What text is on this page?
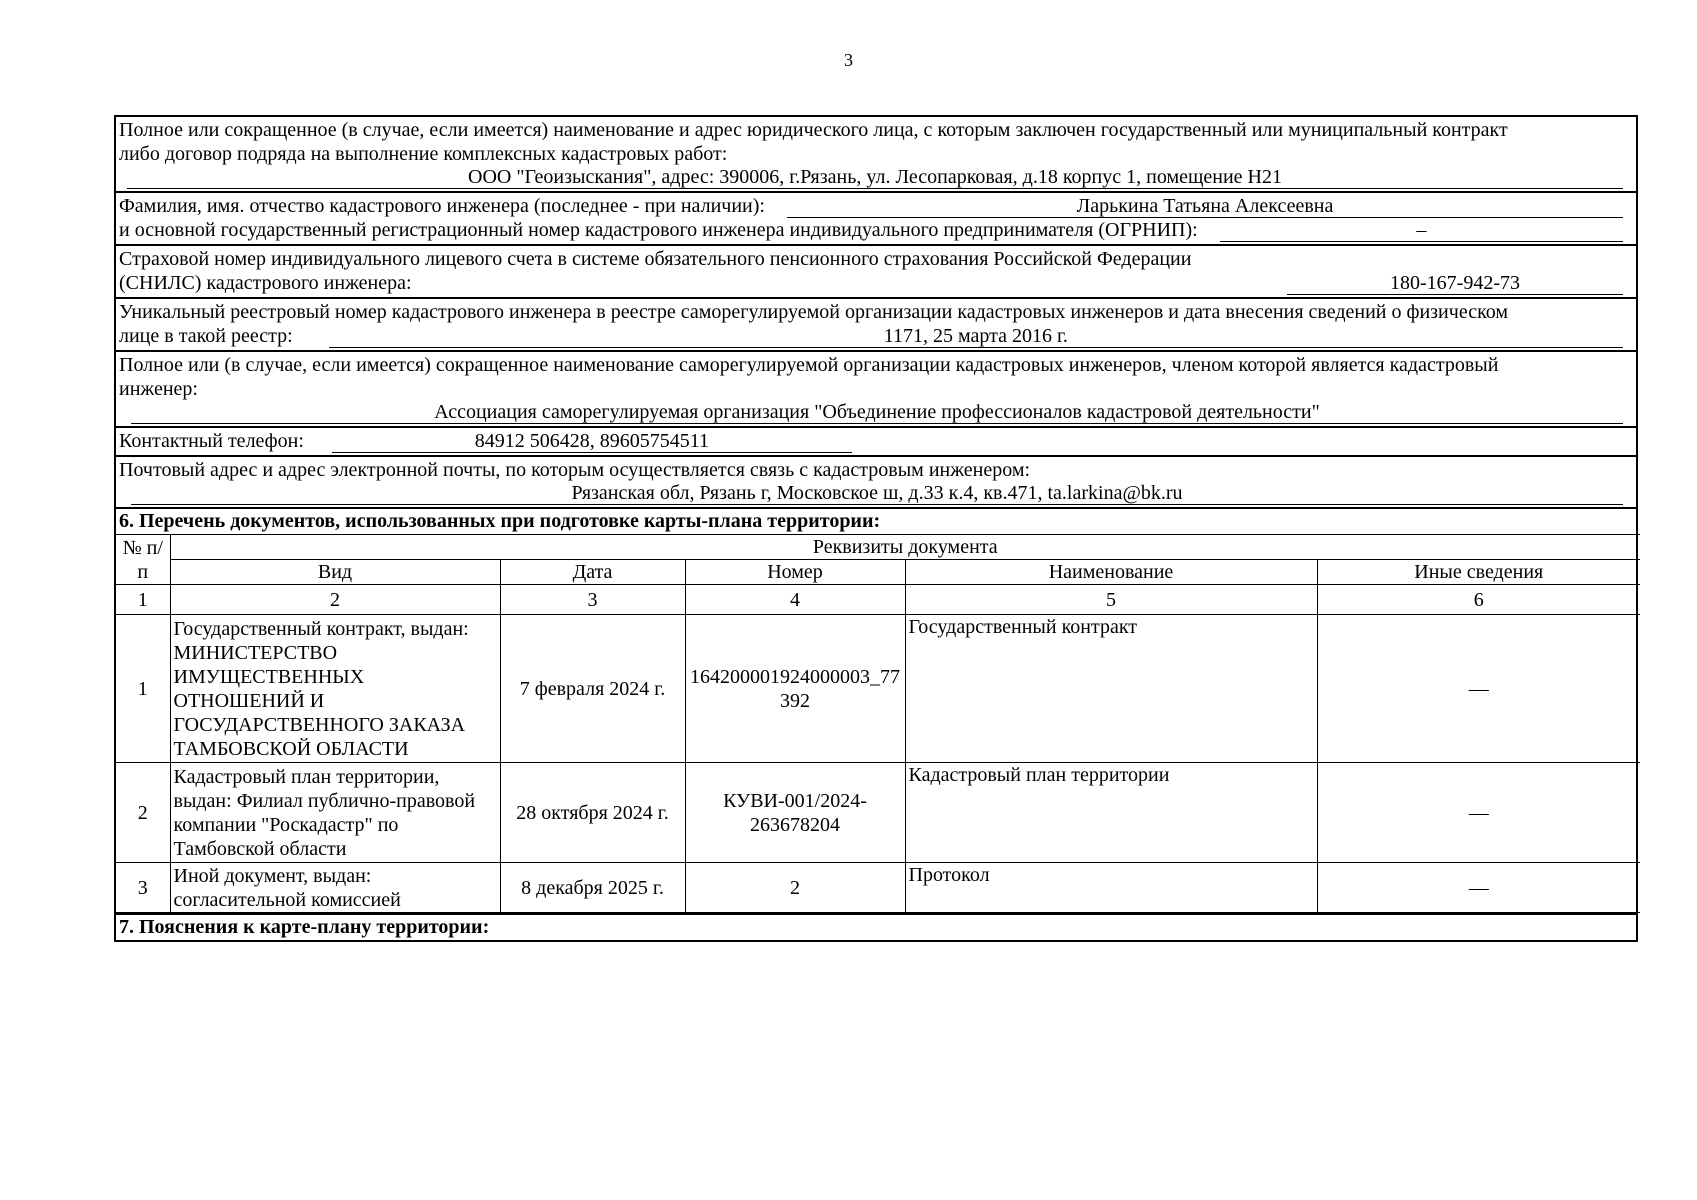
3
Полное или сокращенное (в случае, если имеется) наименование и адрес юридического лица, с которым заключен государственный или муниципальный контракт
либо договор подряда на выполнение комплексных кадастровых работ:
ООО "Геоизыскания", адрес: 390006, г.Рязань, ул. Лесопарковая, д.18 корпус 1, помещение Н21
Фамилия, имя. отчество кадастрового инженера (последнее - при наличии):	Ларькина Татьяна Алексеевна
и основной государственный регистрационный номер кадастрового инженера индивидуального предпринимателя (ОГРНИП):	–
Страховой номер индивидуального лицевого счета в системе обязательного пенсионного страхования Российской Федерации
(СНИЛС) кадастрового инженера:	180-167-942-73
Уникальный реестровый номер кадастрового инженера в реестре саморегулируемой организации кадастровых инженеров и дата внесения сведений о физическом
лице в такой реестр:	1171, 25 марта 2016 г.
Полное или (в случае, если имеется) сокращенное наименование саморегулируемой организации кадастровых инженеров, членом которой является кадастровый
инженер:
Ассоциация саморегулируемая организация "Объединение профессионалов кадастровой деятельности"
Контактный телефон:	84912 506428, 89605754511
Почтовый адрес и адрес электронной почты, по которым осуществляется связь с кадастровым инженером:
Рязанская обл, Рязань г, Московское ш, д.33 к.4, кв.471, ta.larkina@bk.ru
6. Перечень документов, использованных при подготовке карты-плана территории:
№ п/п	Реквизиты документа				
	Вид	Дата	Номер	Наименование	Иные сведения
1	2	3	4	5	6
1	Государственный контракт, выдан: МИНИСТЕРСТВО ИМУЩЕСТВЕННЫХ ОТНОШЕНИЙ И ГОСУДАРСТВЕННОГО ЗАКАЗА ТАМБОВСКОЙ ОБЛАСТИ	7 февраля 2024 г.	164200001924000003_77392	Государственный контракт	—
2	Кадастровый план территории, выдан: Филиал публично-правовой компании "Роскадастр" по Тамбовской области	28 октября 2024 г.	КУВИ-001/2024-263678204	Кадастровый план территории	—
3	Иной документ, выдан: согласительной комиссией	8 декабря 2025 г.	2	Протокол	—
7. Пояснения к карте-плану территории:
